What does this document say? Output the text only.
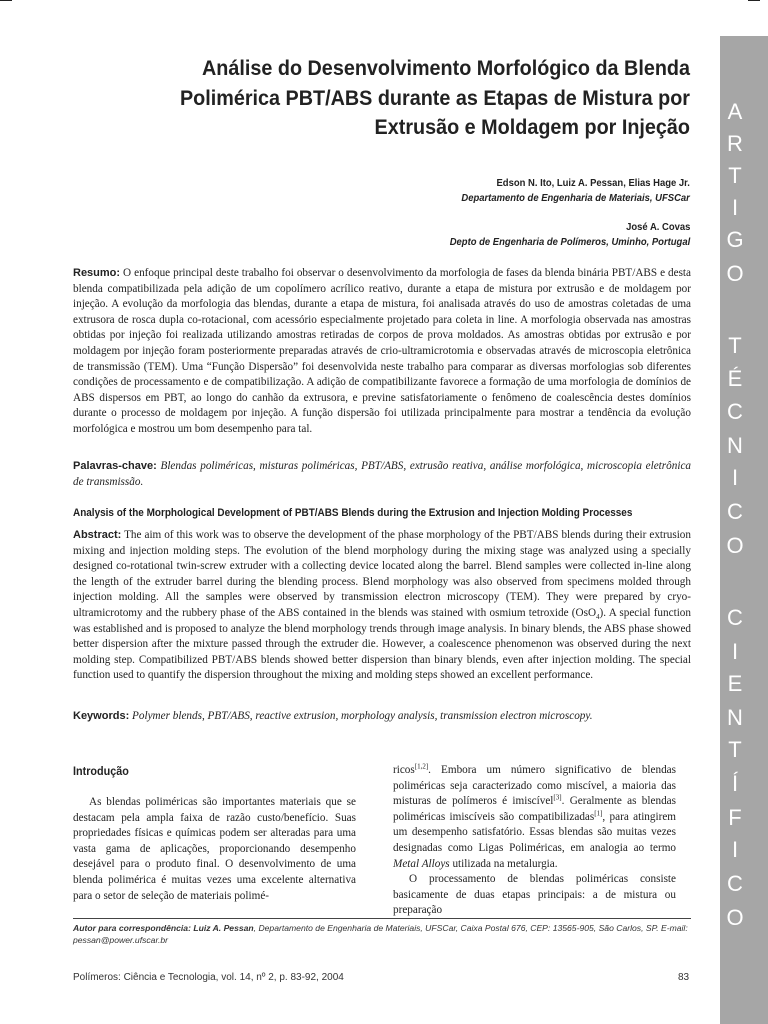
A
R
T
I
G
O
T
É
C
N
I
C
O
C
I
E
N
T
Í
F
I
C
O
Análise do Desenvolvimento Morfológico da Blenda
Polimérica PBT/ABS durante as Etapas de Mistura por
Extrusão e Moldagem por Injeção
Edson N. Ito, Luiz A. Pessan, Elias Hage Jr.
Departamento de Engenharia de Materiais, UFSCar
José A. Covas
Depto de Engenharia de Polímeros, Uminho, Portugal
Resumo: O enfoque principal deste trabalho foi observar o desenvolvimento da morfologia de fases da blenda binária PBT/ABS e desta blenda compatibilizada pela adição de um copolímero acrílico reativo, durante a etapa de mistura por extrusão e de moldagem por injeção. A evolução da morfologia das blendas, durante a etapa de mistura, foi analisada através do uso de amostras coletadas de uma extrusora de rosca dupla co-rotacional, com acessório especialmente projetado para coleta in line. A morfologia observada nas amostras obtidas por injeção foi realizada utilizando amostras retiradas de corpos de prova moldados. As amostras obtidas por extrusão e por moldagem por injeção foram posteriormente preparadas através de crio-ultramicrotomia e observadas através de microscopia eletrônica de transmissão (TEM). Uma “Função Dispersão” foi desenvolvida neste trabalho para comparar as diversas morfologias sob diferentes condições de processamento e de compatibilização. A adição de compatibilizante favorece a formação de uma morfologia de domínios de ABS dispersos em PBT, ao longo do canhão da extrusora, e previne satisfatoriamente o fenômeno de coalescência destes domínios durante o processo de moldagem por injeção. A função dispersão foi utilizada principalmente para mostrar a tendência da evolução morfológica e mostrou um bom desempenho para tal.
Palavras-chave: Blendas poliméricas, misturas poliméricas, PBT/ABS, extrusão reativa, análise morfológica, microscopia eletrônica de transmissão.
Analysis of the Morphological Development of PBT/ABS Blends during the Extrusion and Injection Molding Processes
Abstract: The aim of this work was to observe the development of the phase morphology of the PBT/ABS blends during their extrusion mixing and injection molding steps. The evolution of the blend morphology during the mixing stage was analyzed using a specially designed co-rotational twin-screw extruder with a collecting device located along the barrel. Blend samples were collected in-line along the length of the extruder barrel during the blending process. Blend morphology was also observed from specimens molded through injection molding. All the samples were observed by transmission electron microscopy (TEM). They were prepared by cryo-ultramicrotomy and the rubbery phase of the ABS contained in the blends was stained with osmium tetroxide (OsO$_4$). A special function was established and is proposed to analyze the blend morphology trends through image analysis. In binary blends, the ABS phase showed better dispersion after the mixture passed through the extruder die. However, a coalescence phenomenon was observed during the next molding step. Compatibilized PBT/ABS blends showed better dispersion than binary blends, even after injection molding. The special function used to quantify the dispersion throughout the mixing and molding steps showed an excellent performance.
Keywords: Polymer blends, PBT/ABS, reactive extrusion, morphology analysis, transmission electron microscopy.
Introdução
As blendas poliméricas são importantes materiais que se destacam pela ampla faixa de razão custo/benefício. Suas propriedades físicas e químicas podem ser alteradas para uma vasta gama de aplicações, proporcionando desempenho desejável para o produto final. O desenvolvimento de uma blenda polimérica é muitas vezes uma excelente alternativa para o setor de seleção de materiais polimé-
ricos[1,2]. Embora um número significativo de blendas poliméricas seja caracterizado como miscível, a maioria das misturas de polímeros é imiscível[3]. Geralmente as blendas poliméricas imiscíveis são compatibilizadas[1], para atingirem um desempenho satisfatório. Essas blendas são muitas vezes designadas como Ligas Poliméricas, em analogia ao termo Metal Alloys utilizada na metalurgia.
O processamento de blendas poliméricas consiste basicamente de duas etapas principais: a de mistura ou preparação
Autor para correspondência: Luiz A. Pessan, Departamento de Engenharia de Materiais, UFSCar, Caixa Postal 676, CEP: 13565-905, São Carlos, SP. E-mail: pessan@power.ufscar.br
Polímeros: Ciência e Tecnologia, vol. 14, nº 2, p. 83-92, 2004	83
